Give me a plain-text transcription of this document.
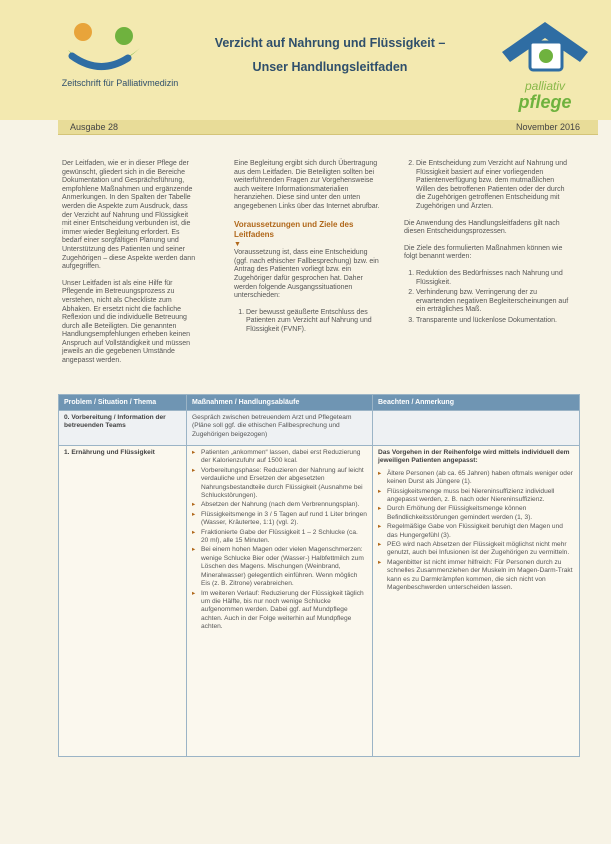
Zeitschrift für Palliativmedizin
Verzicht auf Nahrung und Flüssigkeit –
Unser Handlungsleitfaden
palliativ
pflege
Ausgabe 28	November 2016

Der Leitfaden, wie er in dieser Pflege der gewünscht, gliedert sich in die Bereiche Dokumentation und Gesprächsführung, empfohlene Maßnahmen und ergänzende Anmerkungen. In den Spalten der Tabelle werden die Aspekte zum Ausdruck, dass der Verzicht auf Nahrung und Flüssigkeit mit einer Entscheidung verbunden ist, die immer wieder Begleitung erfordert. Es bedarf einer sorgfältigen Planung und Unterstützung des Patienten und seiner Zugehörigen – diese Aspekte werden dann aufgegriffen.

Unser Leitfaden ist als eine Hilfe für Pflegende im Betreuungsprozess zu verstehen, nicht als Checkliste zum Abhaken. Er ersetzt nicht die fachliche Reflexion und die individuelle Betreuung durch alle Beteiligten. Die genannten Handlungsempfehlungen erheben keinen Anspruch auf Vollständigkeit und müssen jeweils an die gegebenen Umstände angepasst werden.

Eine Begleitung ergibt sich durch Übertragung aus dem Leitfaden. Die Beteiligten sollten bei weiterführenden Fragen zur Vorgehensweise auch weitere Informationsmaterialien heranziehen. Diese sind unter den unten angegebenen Links über das Internet abrufbar.

Voraussetzungen und Ziele des Leitfadens
▼

Voraussetzung ist, dass eine Entscheidung (ggf. nach ethischer Fallbesprechung) bzw. ein Antrag des Patienten vorliegt bzw. ein Zugehöriger dafür gesprochen hat. Daher werden folgende Ausgangssituationen unterschieden:

1. Der bewusst geäußerte Entschluss des Patienten zum Verzicht auf Nahrung und Flüssigkeit (FVNF).
2. Die Entscheidung zum Verzicht auf Nahrung und Flüssigkeit basiert auf einer vorliegenden Patientenverfügung bzw. dem mutmaßlichen Willen des betroffenen Patienten oder der durch die Zugehörigen getroffenen Entscheidung mit Zugehörigen und Ärzten.

Die Anwendung des Handlungsleitfadens gilt nach diesen Entscheidungsprozessen.

Die Ziele des formulierten Maßnahmen können wie folgt benannt werden:

1. Reduktion des Bedürfnisses nach Nahrung und Flüssigkeit.
2. Verhinderung bzw. Verringerung der zu erwartenden negativen Begleiterscheinungen auf ein erträgliches Maß.
3. Transparente und lückenlose Dokumentation.
Problem / Situation / Thema	Maßnahmen / Handlungsabläufe	Beachten / Anmerkung
0. Vorbereitung / Information der betreuenden Teams
Gespräch zwischen betreuendem Arzt und Pflegeteam (Pläne soll ggf. die ethischen Fallbesprechung und Zugehörigen beigezogen)
1. Ernährung und Flüssigkeit
▸	Patienten „ankommen“ lassen, dabei erst Reduzierung der Kalorienzufuhr auf 1500 kcal.
▸ Vorbereitungsphase: Reduzieren der Nahrung auf leicht verdauliche und Ersetzen der abgesetzten Nahrungsbestandteile durch Flüssigkeit (Ausnahme bei Schluckstörungen).
▸ Absetzen der Nahrung (nach dem Verbrennungsplan).
▸ Flüssigkeitsmenge in 3 / 5 Tagen auf rund 1 Liter bringen (Wasser, Kräutertee, 1:1) (vgl. 2).
▸ Fraktionierte Gabe der Flüssigkeit 1 – 2 Schlucke (ca. 20 ml), alle 15 Minuten.
▸ Bei einem hohen Magen oder vielen Magenschmerzen: wenige Schlucke Bier oder (Wasser-) Halbfettmilch zum Löschen des Magens. Mischungen (Weinbrand, Mineralwasser) gelegentlich einführen. Wenn möglich Eis (z. B. Zitrone) verabreichen.
▸ Im weiteren Verlauf: Reduzierung der Flüssigkeit täglich um die Hälfte, bis nur noch wenige Schlucke aufgenommen werden. Dabei ggf. auf Mundpflege achten. Auch in der Folge weiterhin auf Mundpflege achten.
Das Vorgehen in der Reihenfolge wird mittels individuell dem jeweiligen Patienten angepasst:
▸ Ältere Personen (ab ca. 65 Jahren) haben oftmals weniger oder keinen Durst als Jüngere (1).
▸ Flüssigkeitsmenge muss bei Niereninsuffizienz individuell angepasst werden, z. B. nach oder Niereninsuffizienz.
▸ Durch Erhöhung der Flüssigkeitsmenge können Befindlichkeitsstörungen gemindert werden (1, 3).
▸ Regelmäßige Gabe von Flüssigkeit beruhigt den Magen und das Hungergefühl (3).
▸ PEG wird nach Absetzen der Flüssigkeit möglichst nicht mehr genutzt, auch bei Infusionen ist der Zugehörigen zu vermitteln.
▸ Magenbitter ist nicht immer hilfreich: Für Personen durch zu schnelles Zusammenziehen der Muskeln im Magen-Darm-Trakt kann es zu Darmkrämpfen kommen, die sich nicht von Magenbeschwerden unterscheiden lassen.
